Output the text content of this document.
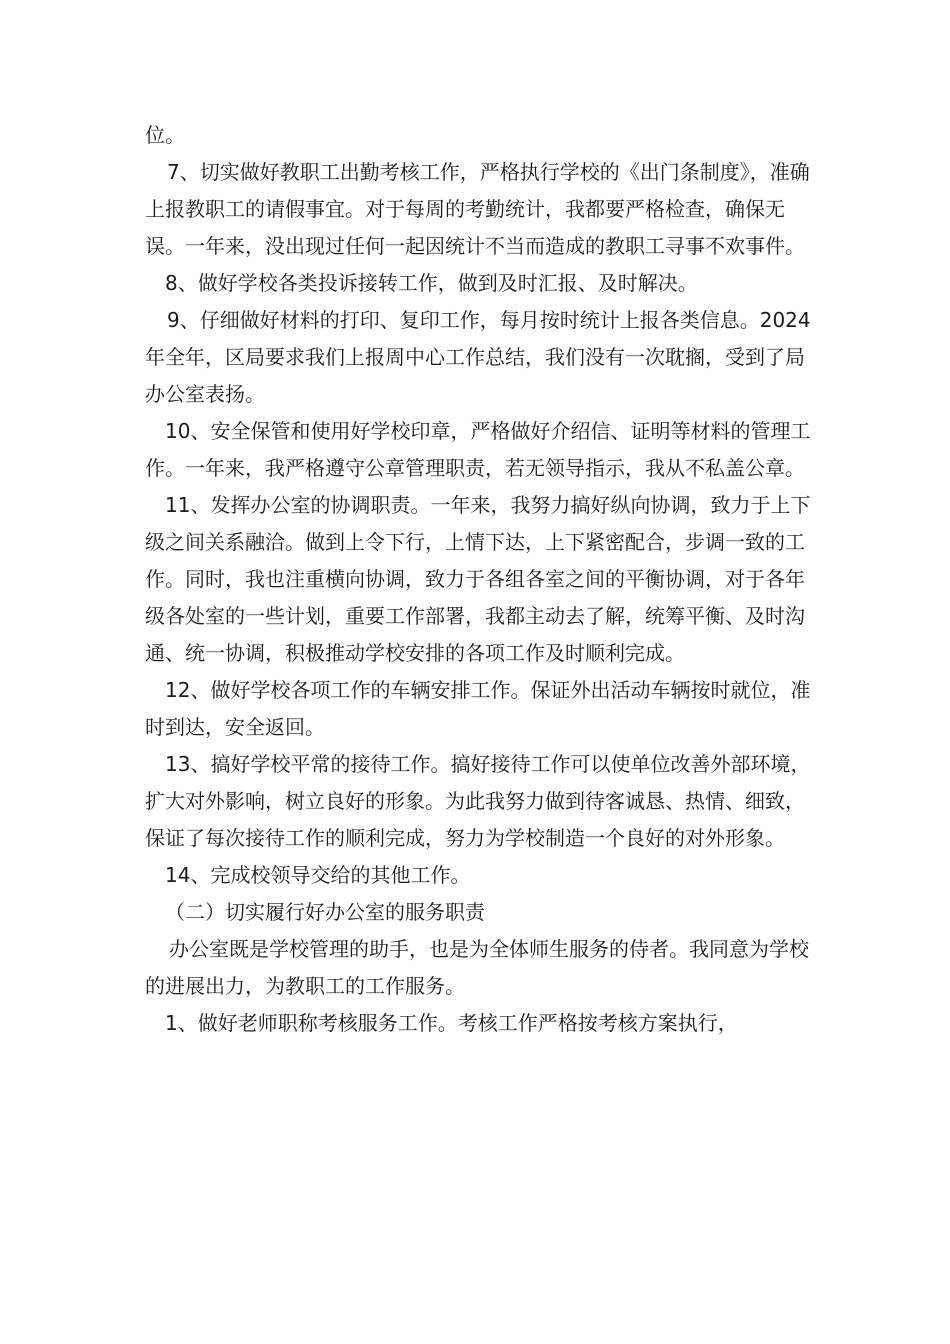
位。

7、切实做好教职工出勤考核工作，严格执行学校的《出门条制度》，准确上报教职工的请假事宜。对于每周的考勤统计，我都要严格检查，确保无误。一年来，没出现过任何一起因统计不当而造成的教职工寻事不欢事件。

8、做好学校各类投诉接转工作，做到及时汇报、及时解决。

9、仔细做好材料的打印、复印工作，每月按时统计上报各类信息。2024年全年，区局要求我们上报周中心工作总结，我们没有一次耽搁，受到了局办公室表扬。

10、安全保管和使用好学校印章，严格做好介绍信、证明等材料的管理工作。一年来，我严格遵守公章管理职责，若无领导指示，我从不私盖公章。

11、发挥办公室的协调职责。一年来，我努力搞好纵向协调，致力于上下级之间关系融洽。做到上令下行，上情下达，上下紧密配合，步调一致的工作。同时，我也注重横向协调，致力于各组各室之间的平衡协调，对于各年级各处室的一些计划，重要工作部署，我都主动去了解，统筹平衡、及时沟通、统一协调，积极推动学校安排的各项工作及时顺利完成。

12、做好学校各项工作的车辆安排工作。保证外出活动车辆按时就位，准时到达，安全返回。

13、搞好学校平常的接待工作。搞好接待工作可以使单位改善外部环境，扩大对外影响，树立良好的形象。为此我努力做到待客诚恳、热情、细致，保证了每次接待工作的顺利完成，努力为学校制造一个良好的对外形象。

14、完成校领导交给的其他工作。

（二）切实履行好办公室的服务职责

办公室既是学校管理的助手，也是为全体师生服务的侍者。我同意为学校的进展出力，为教职工的工作服务。

1、做好老师职称考核服务工作。考核工作严格按考核方案执行，
